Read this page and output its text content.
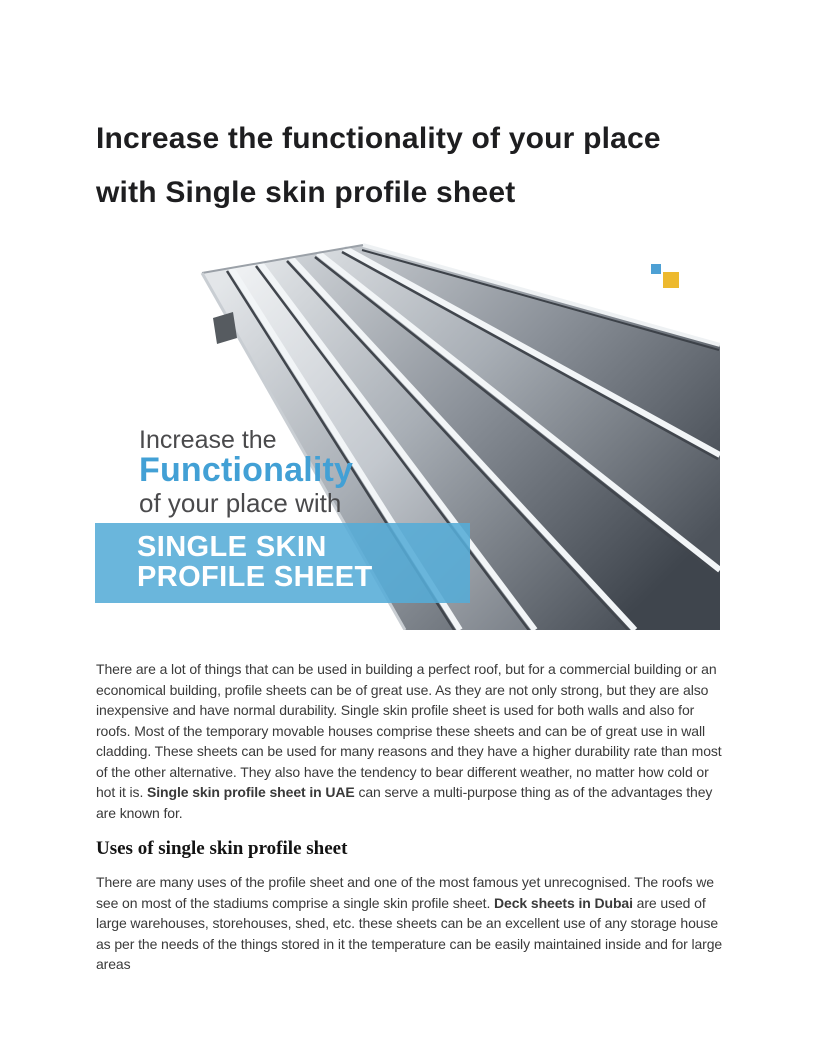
Increase the functionality of your place with Single skin profile sheet
Increase the
Functionality
of your place with
SINGLE SKIN
PROFILE SHEET

There are a lot of things that can be used in building a perfect roof, but for a commercial building or an economical building, profile sheets can be of great use. As they are not only strong, but they are also inexpensive and have normal durability. Single skin profile sheet is used for both walls and also for roofs. Most of the temporary movable houses comprise these sheets and can be of great use in wall cladding. These sheets can be used for many reasons and they have a higher durability rate than most of the other alternative. They also have the tendency to bear different weather, no matter how cold or hot it is. Single skin profile sheet in UAE can serve a multi-purpose thing as of the advantages they are known for.

Uses of single skin profile sheet

There are many uses of the profile sheet and one of the most famous yet unrecognised. The roofs we see on most of the stadiums comprise a single skin profile sheet. Deck sheets in Dubai are used of large warehouses, storehouses, shed, etc. these sheets can be an excellent use of any storage house as per the needs of the things stored in it the temperature can be easily maintained inside and for large areas
